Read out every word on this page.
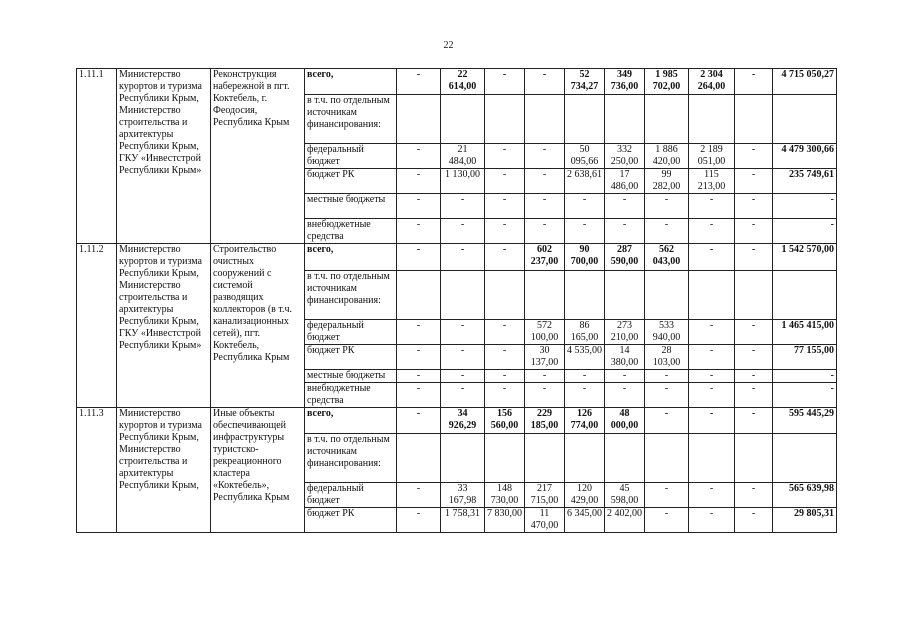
22
1.11.1	Министерство курортов и туризма Республики Крым, Министерство строительства и архитектуры Республики Крым, ГКУ «Инвестстрой Республики Крым»	Реконструкция набережной в пгт. Коктебель, г. Феодосия, Республика Крым	всего,	-	22 614,00	-	-	52 734,27	349 736,00	1 985 702,00	2 304 264,00	-	4 715 050,27
			в т.ч. по отдельным источникам финансирования:										
			федеральный бюджет	-	21 484,00	-	-	50 095,66	332 250,00	1 886 420,00	2 189 051,00	-	4 479 300,66
			бюджет РК	-	1 130,00	-	-	2 638,61	17 486,00	99 282,00	115 213,00	-	235 749,61
			местные бюджеты	-	-	-	-	-	-	-	-	-	-
			внебюджетные средства	-	-	-	-	-	-	-	-	-	-
1.11.2	Министерство курортов и туризма Республики Крым, Министерство строительства и архитектуры Республики Крым, ГКУ «Инвестстрой Республики Крым»	Строительство очистных сооружений с системой разводящих коллекторов (в т.ч. канализационных сетей), пгт. Коктебель, Республика Крым	всего,	-	-	-	602 237,00	90 700,00	287 590,00	562 043,00	-	-	1 542 570,00
			в т.ч. по отдельным источникам финансирования:										
			федеральный бюджет	-	-	-	572 100,00	86 165,00	273 210,00	533 940,00	-	-	1 465 415,00
			бюджет РК	-	-	-	30 137,00	4 535,00	14 380,00	28 103,00	-	-	77 155,00
			местные бюджеты	-	-	-	-	-	-	-	-	-	-
			внебюджетные средства	-	-	-	-	-	-	-	-	-	-
1.11.3	Министерство курортов и туризма Республики Крым, Министерство строительства и архитектуры Республики Крым,	Иные объекты обеспечивающей инфраструктуры туристско-рекреационного кластера «Коктебель», Республика Крым	всего,	-	34 926,29	156 560,00	229 185,00	126 774,00	48 000,00	-	-	-	595 445,29
			в т.ч. по отдельным источникам финансирования:										
			федеральный бюджет	-	33 167,98	148 730,00	217 715,00	120 429,00	45 598,00	-	-	-	565 639,98
			бюджет РК	-	1 758,31	7 830,00	11 470,00	6 345,00	2 402,00	-	-	-	29 805,31
